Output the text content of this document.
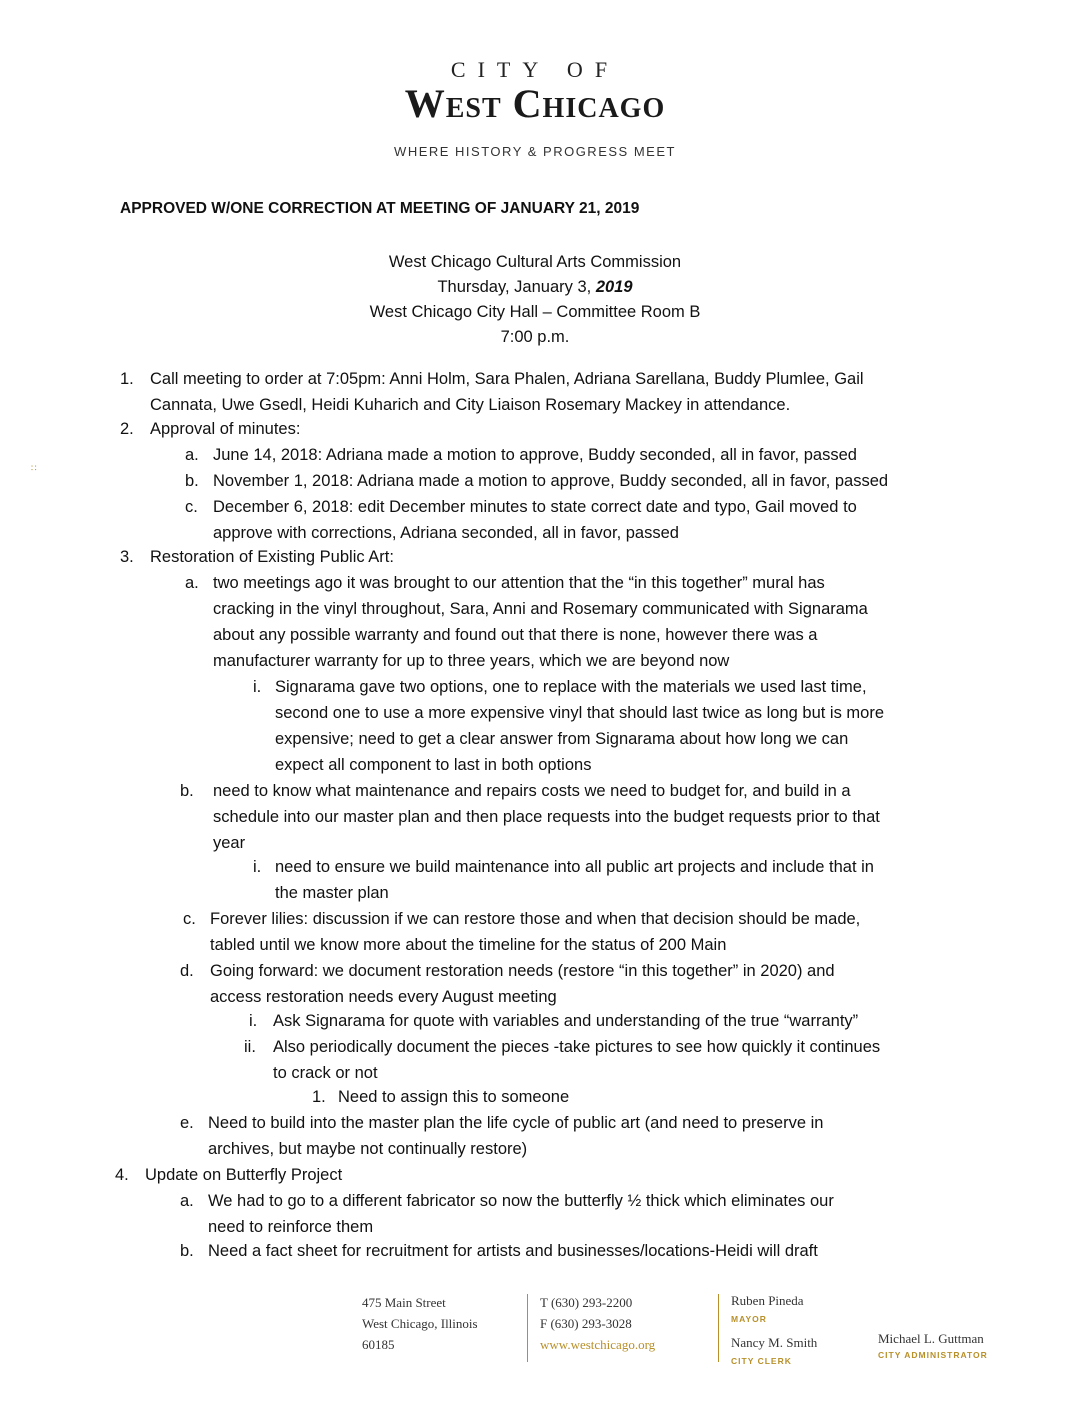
CITY OF
West Chicago
WHERE HISTORY & PROGRESS MEET
∷
APPROVED W/ONE CORRECTION AT MEETING OF JANUARY 21, 2019
West Chicago Cultural Arts Commission
Thursday, January 3, 2019
West Chicago City Hall – Committee Room B
7:00 p.m.
1. Call meeting to order at 7:05pm: Anni Holm, Sara Phalen, Adriana Sarellana, Buddy Plumlee, Gail
Cannata, Uwe Gsedl, Heidi Kuharich and City Liaison Rosemary Mackey in attendance.
2. Approval of minutes:
a. June 14, 2018: Adriana made a motion to approve, Buddy seconded, all in favor, passed
b. November 1, 2018: Adriana made a motion to approve, Buddy seconded, all in favor, passed
c. December 6, 2018: edit December minutes to state correct date and typo, Gail moved to
approve with corrections, Adriana seconded, all in favor, passed
3. Restoration of Existing Public Art:
a. two meetings ago it was brought to our attention that the “in this together” mural has
cracking in the vinyl throughout, Sara, Anni and Rosemary communicated with Signarama
about any possible warranty and found out that there is none, however there was a
manufacturer warranty for up to three years, which we are beyond now
i. Signarama gave two options, one to replace with the materials we used last time,
second one to use a more expensive vinyl that should last twice as long but is more
expensive; need to get a clear answer from Signarama about how long we can
expect all component to last in both options
b. need to know what maintenance and repairs costs we need to budget for, and build in a
schedule into our master plan and then place requests into the budget requests prior to that
year
i. need to ensure we build maintenance into all public art projects and include that in
the master plan
c. Forever lilies: discussion if we can restore those and when that decision should be made,
tabled until we know more about the timeline for the status of 200 Main
d. Going forward: we document restoration needs (restore “in this together” in 2020) and
access restoration needs every August meeting
i. Ask Signarama for quote with variables and understanding of the true “warranty”
ii. Also periodically document the pieces -take pictures to see how quickly it continues
to crack or not
1. Need to assign this to someone
e. Need to build into the master plan the life cycle of public art (and need to preserve in
archives, but maybe not continually restore)
4. Update on Butterfly Project
a. We had to go to a different fabricator so now the butterfly ½ thick which eliminates our
need to reinforce them
b. Need a fact sheet for recruitment for artists and businesses/locations-Heidi will draft
475 Main Street
West Chicago, Illinois
60185
T (630) 293-2200
F (630) 293-3028
www.westchicago.org
Ruben Pineda
MAYOR
Nancy M. Smith
CITY CLERK
Michael L. Guttman
CITY ADMINISTRATOR
